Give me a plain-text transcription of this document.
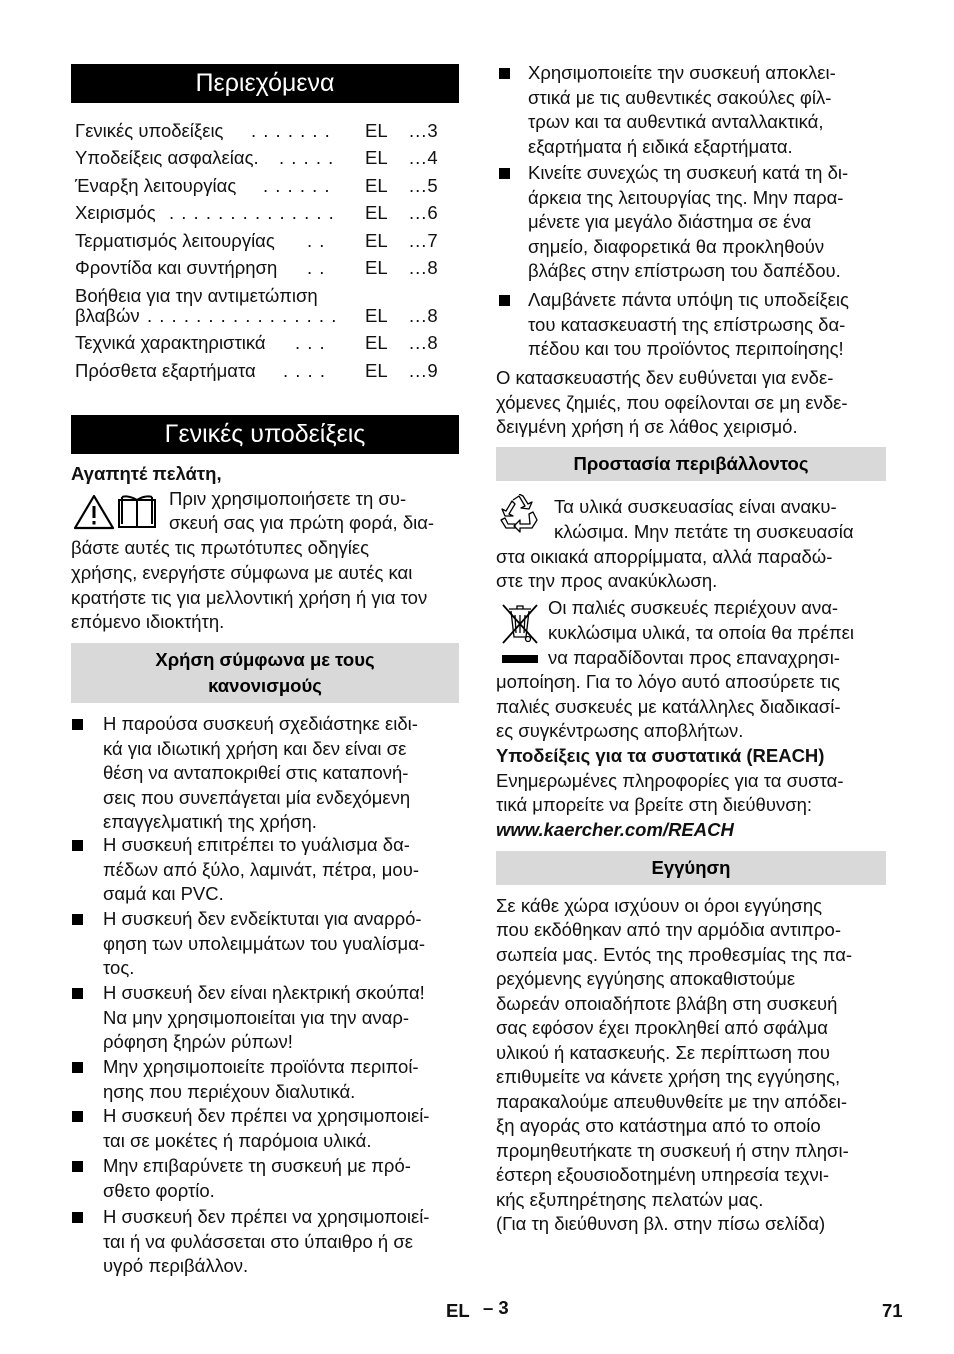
Περιεχόμενα
Γενικές υποδείξεις . . . . . . . EL ...3
Υποδείξεις ασφαλείας. . . . . . EL ...4
Έναρξη λειτουργίας . . . . . . EL ...5
Χειρισμός . . . . . . . . . . . . . . EL ...6
Τερματισμός λειτουργίας . . EL ...7
Φροντίδα και συντήρηση . . EL ...8
Βοήθεια για την αντιμετώπιση
βλαβών . . . . . . . . . . . . . . . . EL ...8
Τεχνικά χαρακτηριστικά . . . EL ...8
Πρόσθετα εξαρτήματα . . . . EL ...9
Γενικές υποδείξεις
Αγαπητέ πελάτη,
Πριν χρησιμοποιήσετε τη συ-
σκευή σας για πρώτη φορά, δια-
βάστε αυτές τις πρωτότυπες οδηγίες
χρήσης, ενεργήστε σύμφωνα με αυτές και
κρατήστε τις για μελλοντική χρήση ή για τον
επόμενο ιδιοκτήτη.
Χρήση σύμφωνα με τους
κανονισμούς
Η παρούσα συσκευή σχεδιάστηκε ειδι-
κά για ιδιωτική χρήση και δεν είναι σε
θέση να ανταποκριθεί στις καταπονή-
σεις που συνεπάγεται μία ενδεχόμενη
επαγγελματική της χρήση.
Η συσκευή επιτρέπει το γυάλισμα δα-
πέδων από ξύλο, λαμινάτ, πέτρα, μου-
σαμά και PVC.
Η συσκευή δεν ενδείκτυται για αναρρό-
φηση των υπολειμμάτων του γυαλίσμα-
τος.
Η συσκευή δεν είναι ηλεκτρική σκούπα!
Να μην χρησιμοποιείται για την αναρ-
ρόφηση ξηρών ρύπων!
Μην χρησιμοποιείτε προϊόντα περιποί-
ησης που περιέχουν διαλυτικά.
Η συσκευή δεν πρέπει να χρησιμοποιεί-
ται σε μοκέτες ή παρόμοια υλικά.
Μην επιβαρύνετε τη συσκευή με πρό-
σθετο φορτίο.
Η συσκευή δεν πρέπει να χρησιμοποιεί-
ται ή να φυλάσσεται στο ύπαιθρο ή σε
υγρό περιβάλλον.
Χρησιμοποιείτε την συσκευή αποκλει-
στικά με τις αυθεντικές σακούλες φίλ-
τρων και τα αυθεντικά ανταλλακτικά,
εξαρτήματα ή ειδικά εξαρτήματα.
Κινείτε συνεχώς τη συσκευή κατά τη δι-
άρκεια της λειτουργίας της. Μην παρα-
μένετε για μεγάλο διάστημα σε ένα
σημείο, διαφορετικά θα προκληθούν
βλάβες στην επίστρωση του δαπέδου.
Λαμβάνετε πάντα υπόψη τις υποδείξεις
του κατασκευαστή της επίστρωσης δα-
πέδου και του προϊόντος περιποίησης!
Ο κατασκευαστής δεν ευθύνεται για ενδε-
χόμενες ζημιές, που οφείλονται σε μη ενδε-
δειγμένη χρήση ή σε λάθος χειρισμό.
Προστασία περιβάλλοντος
Τα υλικά συσκευασίας είναι ανακυ-
κλώσιμα. Μην πετάτε τη συσκευασία
στα οικιακά απορρίμματα, αλλά παραδώ-
στε την προς ανακύκλωση.
Οι παλιές συσκευές περιέχουν ανα-
κυκλώσιμα υλικά, τα οποία θα πρέπει
να παραδίδονται προς επαναχρησι-
μοποίηση. Για το λόγο αυτό αποσύρετε τις
παλιές συσκευές με κατάλληλες διαδικασί-
ες συγκέντρωσης αποβλήτων.
Υποδείξεις για τα συστατικά (REACH)
Ενημερωμένες πληροφορίες για τα συστα-
τικά μπορείτε να βρείτε στη διεύθυνση:
www.kaercher.com/REACH
Εγγύηση
Σε κάθε χώρα ισχύουν οι όροι εγγύησης
που εκδόθηκαν από την αρμόδια αντιπρο-
σωπεία μας. Εντός της προθεσμίας της πα-
ρεχόμενης εγγύησης αποκαθιστούμε
δωρεάν οποιαδήποτε βλάβη στη συσκευή
σας εφόσον έχει προκληθεί από σφάλμα
υλικού ή κατασκευής. Σε περίπτωση που
επιθυμείτε να κάνετε χρήση της εγγύησης,
παρακαλούμε απευθυνθείτε με την απόδει-
ξη αγοράς στο κατάστημα από το οποίο
προμηθευτήκατε τη συσκευή ή στην πλησι-
έστερη εξουσιοδοτημένη υπηρεσία τεχνι-
κής εξυπηρέτησης πελατών μας.
(Για τη διεύθυνση βλ. στην πίσω σελίδα)
EL – 3	71
